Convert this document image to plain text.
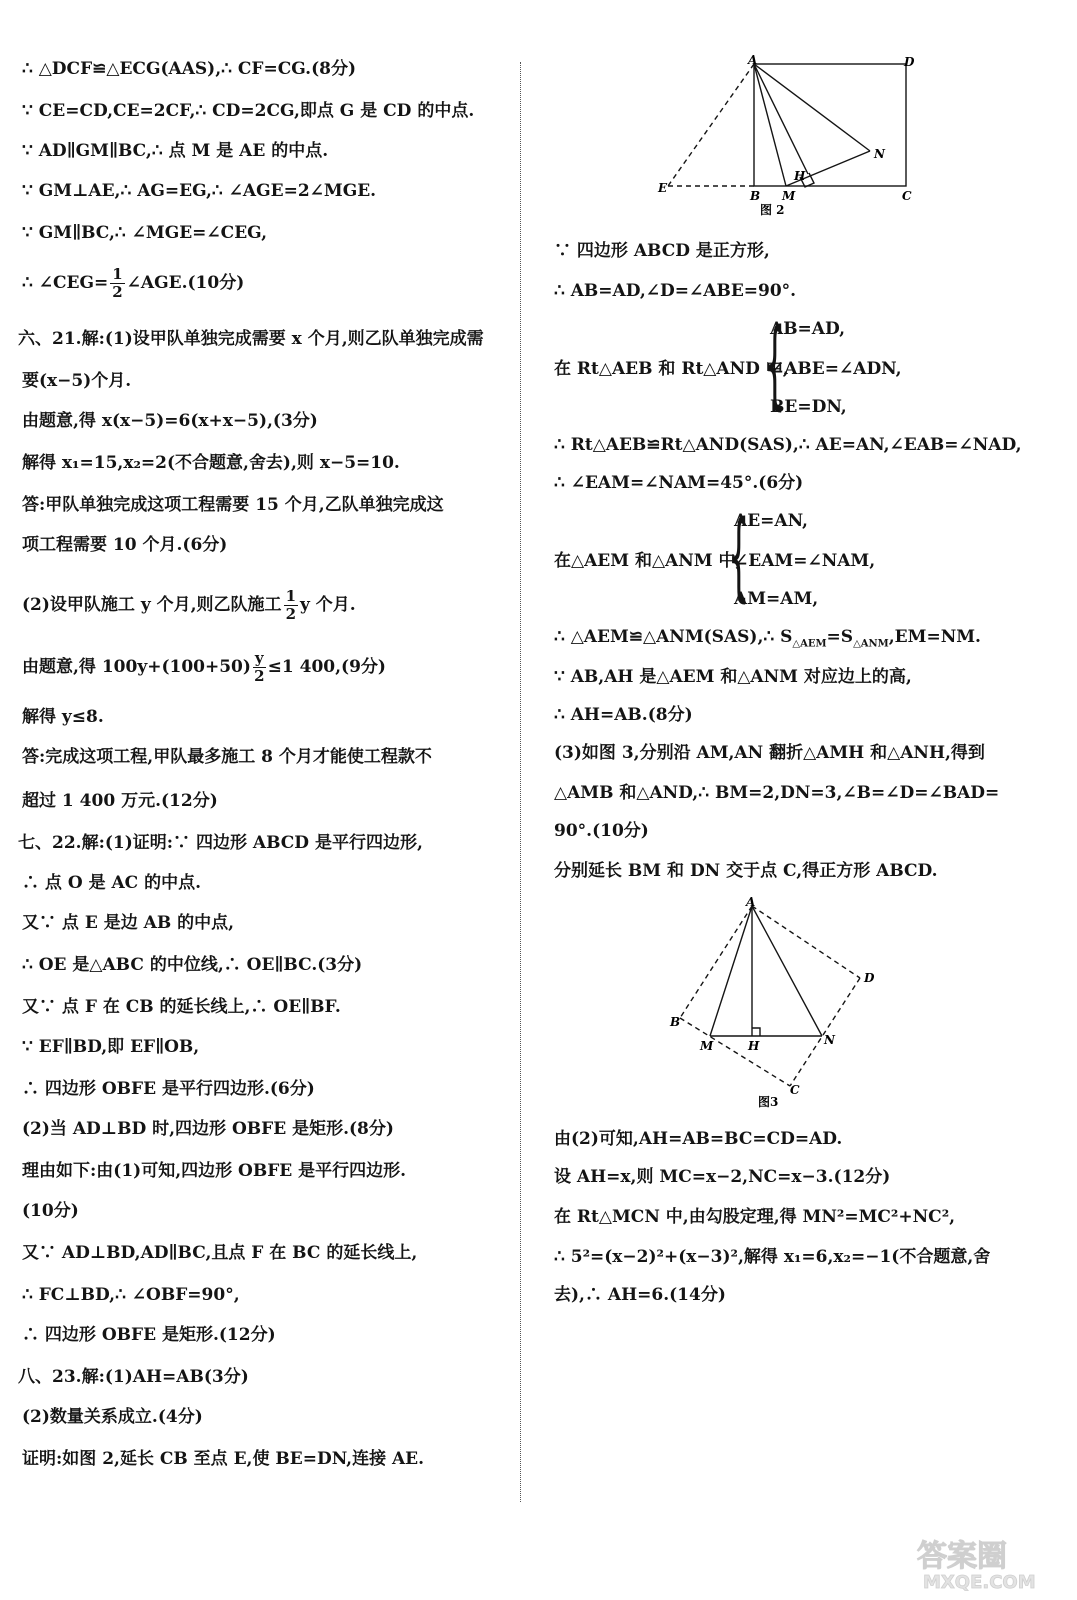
∴ △DCF≌△ECG(AAS),∴ CF=CG.(8分)
∵ CE=CD,CE=2CF,∴ CD=2CG,即点 G 是 CD 的中点.
∵ AD∥GM∥BC,∴ 点 M 是 AE 的中点.
∵ GM⊥AE,∴ AG=EG,∴ ∠AGE=2∠MGE.
∵ GM∥BC,∴ ∠MGE=∠CEG,
∴ ∠CEG= $\frac{1}{2}$ ∠AGE.(10分)
六、21.解:(1)设甲队单独完成需要 x 个月,则乙队单独完成需
要(x−5)个月.
由题意,得 x(x−5)=6(x+x−5),(3分)
解得 x₁=15,x₂=2(不合题意,舍去),则 x−5=10.
答:甲队单独完成这项工程需要 15 个月,乙队单独完成这
项工程需要 10 个月.(6分)
(2)设甲队施工 y 个月,则乙队施工 $\frac{1}{2}$ y 个月.
由题意,得 $100y+(100+50) \frac{y}{2} \le 1$ 400,(9分)
解得 y≤8.
答:完成这项工程,甲队最多施工 8 个月才能使工程款不
超过 1 400 万元.(12分)
七、22.解:(1)证明:∵ 四边形 ABCD 是平行四边形,
∴ 点 O 是 AC 的中点.
又∵ 点 E 是边 AB 的中点,
∴ OE 是△ABC 的中位线,∴ OE∥BC.(3分)
又∵ 点 F 在 CB 的延长线上,∴ OE∥BF.
∵ EF∥BD,即 EF∥OB,
∴ 四边形 OBFE 是平行四边形.(6分)
(2)当 AD⊥BD 时,四边形 OBFE 是矩形.(8分)
理由如下:由(1)可知,四边形 OBFE 是平行四边形.
(10分)
又∵ AD⊥BD,AD∥BC,且点 F 在 BC 的延长线上,
∴ FC⊥BD,∴ ∠OBF=90°,
∴ 四边形 OBFE 是矩形.(12分)
八、23.解:(1)AH=AB(3分)
(2)数量关系成立.(4分)
证明:如图 2,延长 CB 至点 E,使 BE=DN,连接 AE.
A	D
N
E
B M
H
C
图 2
∵ 四边形 ABCD 是正方形,
∴ AB=AD,∠D=∠ABE=90°.
在 Rt△AEB 和 Rt△AND 中,
{
AB=AD,
∠ABE=∠ADN,
BE=DN,
∴ Rt△AEB≌Rt△AND(SAS),∴ AE=AN,∠EAB=∠NAD,
∴ ∠EAM=∠NAM=45°.(6分)
在△AEM 和△ANM 中,
{
AE=AN,
∠EAM=∠NAM,
AM=AM,
∴ △AEM≌△ANM(SAS),∴ $S_{\triangle AEM}=S_{\triangle ANM},EM=NM$.
∵ AB,AH 是△AEM 和△ANM 对应边上的高,
∴ AH=AB.(8分)
(3)如图 3,分别沿 AM,AN 翻折△AMH 和△ANH,得到
△AMB 和△AND,∴ BM=2,DN=3,∠B=∠D=∠BAD=
90°.(10分)
分别延长 BM 和 DN 交于点 C,得正方形 ABCD.
A
D
B
M	H	N
C
图3
由(2)可知,AH=AB=BC=CD=AD.
设 AH=x,则 MC=x−2,NC=x−3.(12分)
在 Rt△MCN 中,由勾股定理,得 MN²=MC²+NC²,
∴ 5²=(x−2)²+(x−3)²,解得 x₁=6,x₂=−1(不合题意,舍
去),∴ AH=6.(14分)
答案圈
MXQE.COM
